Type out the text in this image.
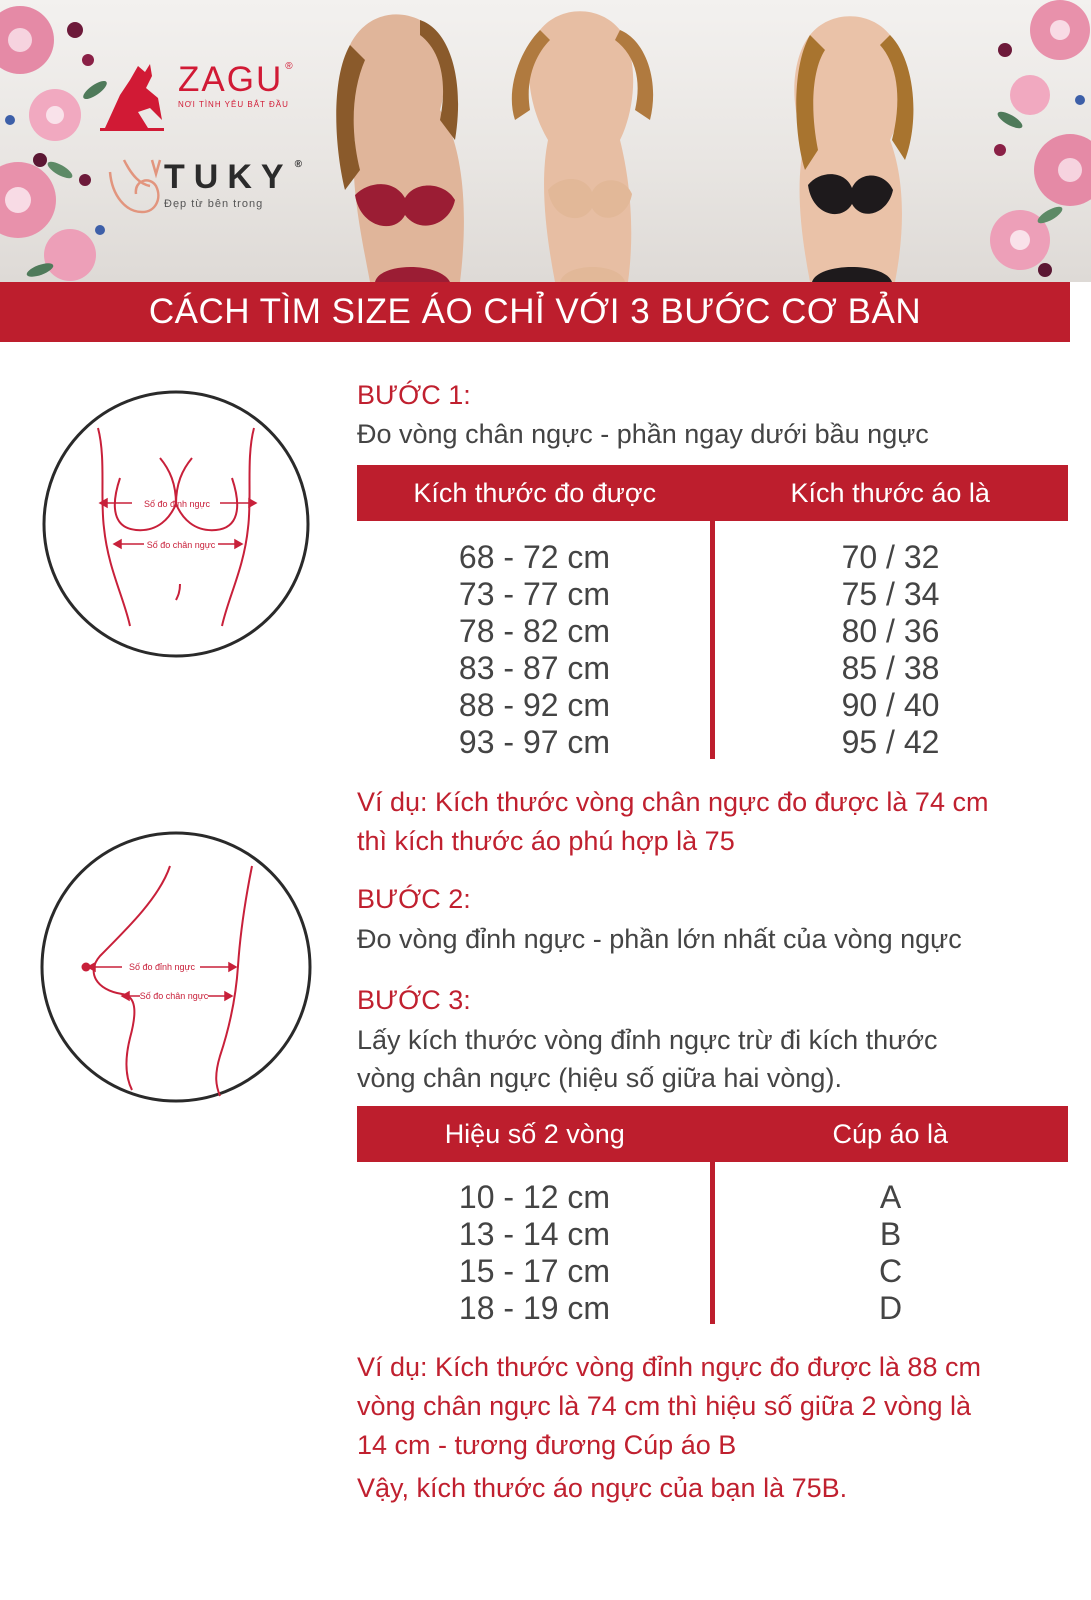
ZAGU ®
NƠI TÌNH YÊU BẮT ĐẦU
TUKY ®
Đẹp từ bên trong
CÁCH TÌM SIZE ÁO CHỈ VỚI 3 BƯỚC CƠ BẢN
Số đo đỉnh ngực
Số đo chân ngực
Số đo đỉnh ngực
Số đo chân ngực
BƯỚC 1:
Đo vòng chân ngực - phần ngay dưới bầu ngực
Kích thước đo được	Kích thước áo là
68 - 72 cm
73 - 77 cm
78 - 82 cm
83 - 87 cm
88 - 92 cm
93 - 97 cm
70 / 32
75 / 34
80 / 36
85 / 38
90 / 40
95 / 42
Ví dụ: Kích thước vòng chân ngực đo được là 74 cm
thì kích thước áo phú hợp là 75
BƯỚC 2:
Đo vòng đỉnh ngực - phần lớn nhất của vòng ngực
BƯỚC 3:
Lấy kích thước vòng đỉnh ngực trừ đi kích thước
vòng chân ngực (hiệu số giữa hai vòng).
Hiệu số 2 vòng	Cúp áo là
10 - 12 cm
13 - 14 cm
15 - 17 cm
18 - 19 cm
A
B
C
D
Ví dụ: Kích thước vòng đỉnh ngực đo được là 88 cm
vòng chân ngực là 74 cm thì hiệu số giữa 2 vòng là
14 cm - tương đương Cúp áo B
Vậy, kích thước áo ngực của bạn là 75B.
